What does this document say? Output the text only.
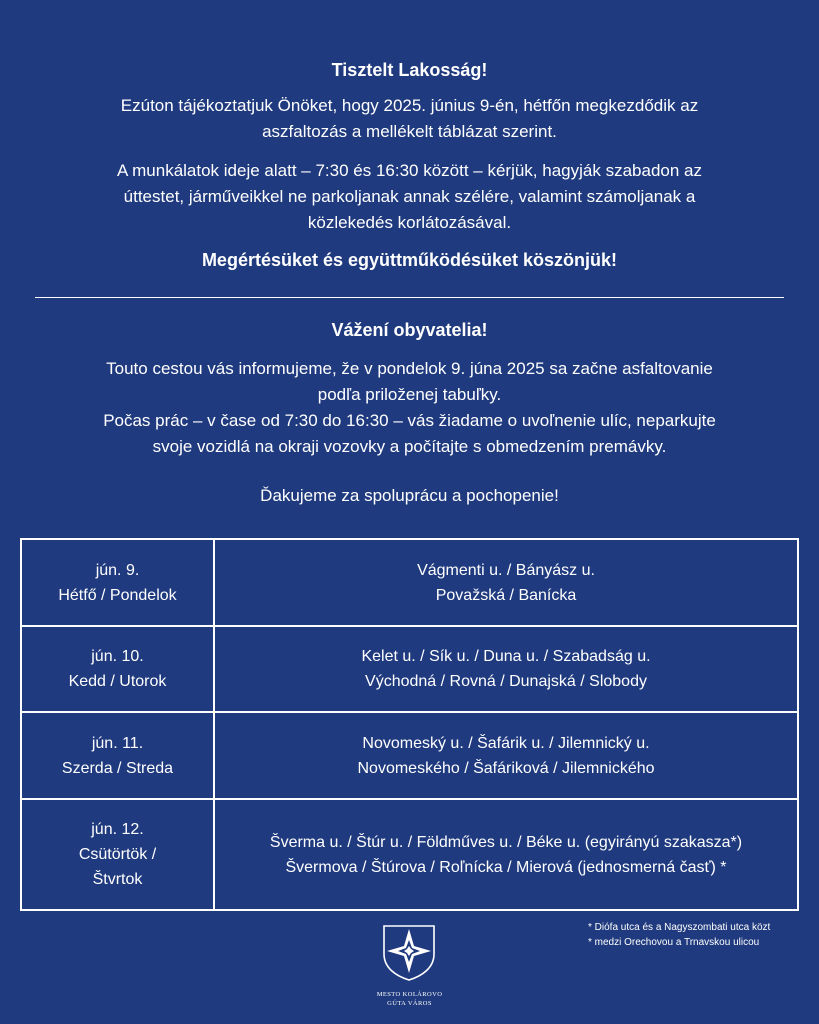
Tisztelt Lakosság!

Ezúton tájékoztatjuk Önöket, hogy 2025. június 9-én, hétfőn megkezdődik az
aszfaltozás a mellékelt táblázat szerint.

A munkálatok ideje alatt – 7:30 és 16:30 között – kérjük, hagyják szabadon az
úttestet, járműveikkel ne parkoljanak annak szélére, valamint számoljanak a
közlekedés korlátozásával.

Megértésüket és együttműködésüket köszönjük!

Vážení obyvatelia!

Touto cestou vás informujeme, že v pondelok 9. júna 2025 sa začne asfaltovanie
podľa priloženej tabuľky.

Počas prác – v čase od 7:30 do 16:30 – vás žiadame o uvoľnenie ulíc, neparkujte
svoje vozidlá na okraji vozovky a počítajte s obmedzením premávky.

Ďakujeme za spoluprácu a pochopenie!

jún. 9.
Hétfő / Pondelok	Vágmenti u. / Bányász u.
Považská / Banícka

jún. 10.
Kedd / Utorok	Kelet u. / Sík u. / Duna u. / Szabadság u.
Východná / Rovná / Dunajská / Slobody

jún. 11.
Szerda / Streda	Novomeský u. / Šafárik u. / Jilemnický u.
Novomeského / Šafáriková / Jilemnického

jún. 12.
Csütörtök /
Štvrtok	Šverma u. / Štúr u. / Földműves u. / Béke u. (egyirányú szakasza*)
Švermova / Štúrova / Roľnícka / Mierová (jednosmerná časť) *
* Diófa utca és a Nagyszombati utca közt
* medzi Orechovou a Trnavskou ulicou
MESTO KOLÁROVO
GÚTA VÁROS
